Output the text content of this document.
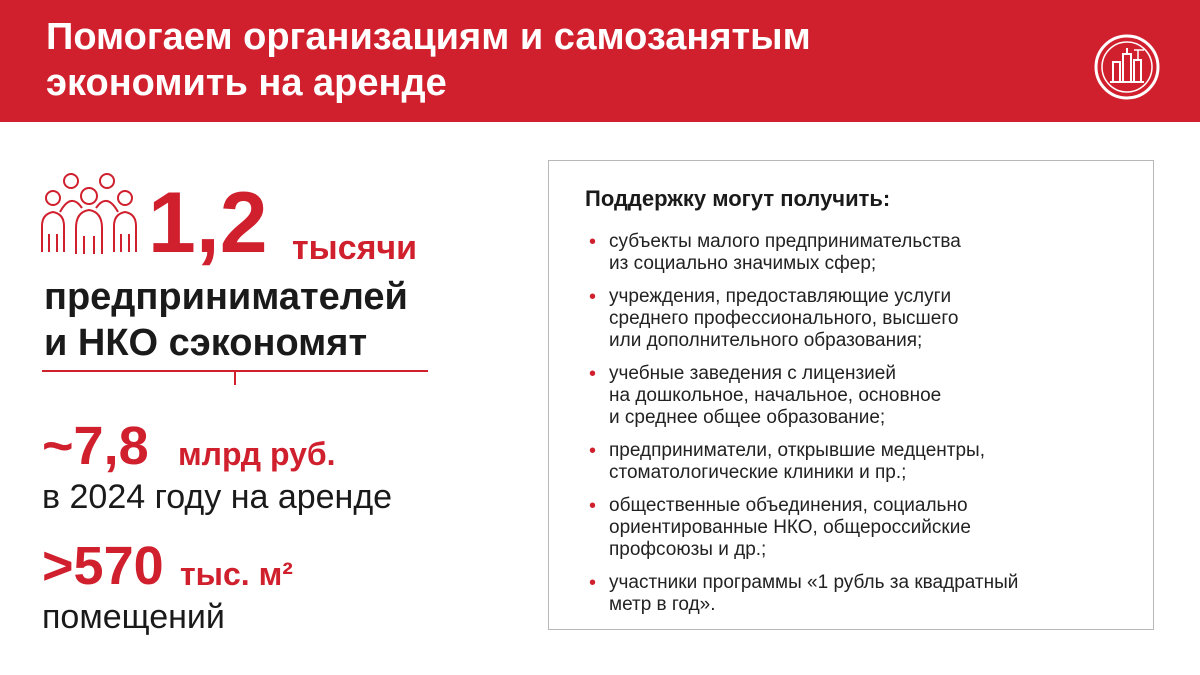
Помогаем организациям и самозанятым
экономить на аренде
1,2 тысячи
предпринимателей
и НКО сэкономят
~7,8 млрд руб.
в 2024 году на аренде
>570 тыс. м²
помещений
Поддержку могут получить:
• субъекты малого предпринимательства
из социально значимых сфер;
• учреждения, предоставляющие услуги
среднего профессионального, высшего
или дополнительного образования;
• учебные заведения с лицензией
на дошкольное, начальное, основное
и среднее общее образование;
• предприниматели, открывшие медцентры,
стоматологические клиники и пр.;
• общественные объединения, социально
ориентированные НКО, общероссийские
профсоюзы и др.;
• участники программы «1 рубль за квадратный
метр в год».
